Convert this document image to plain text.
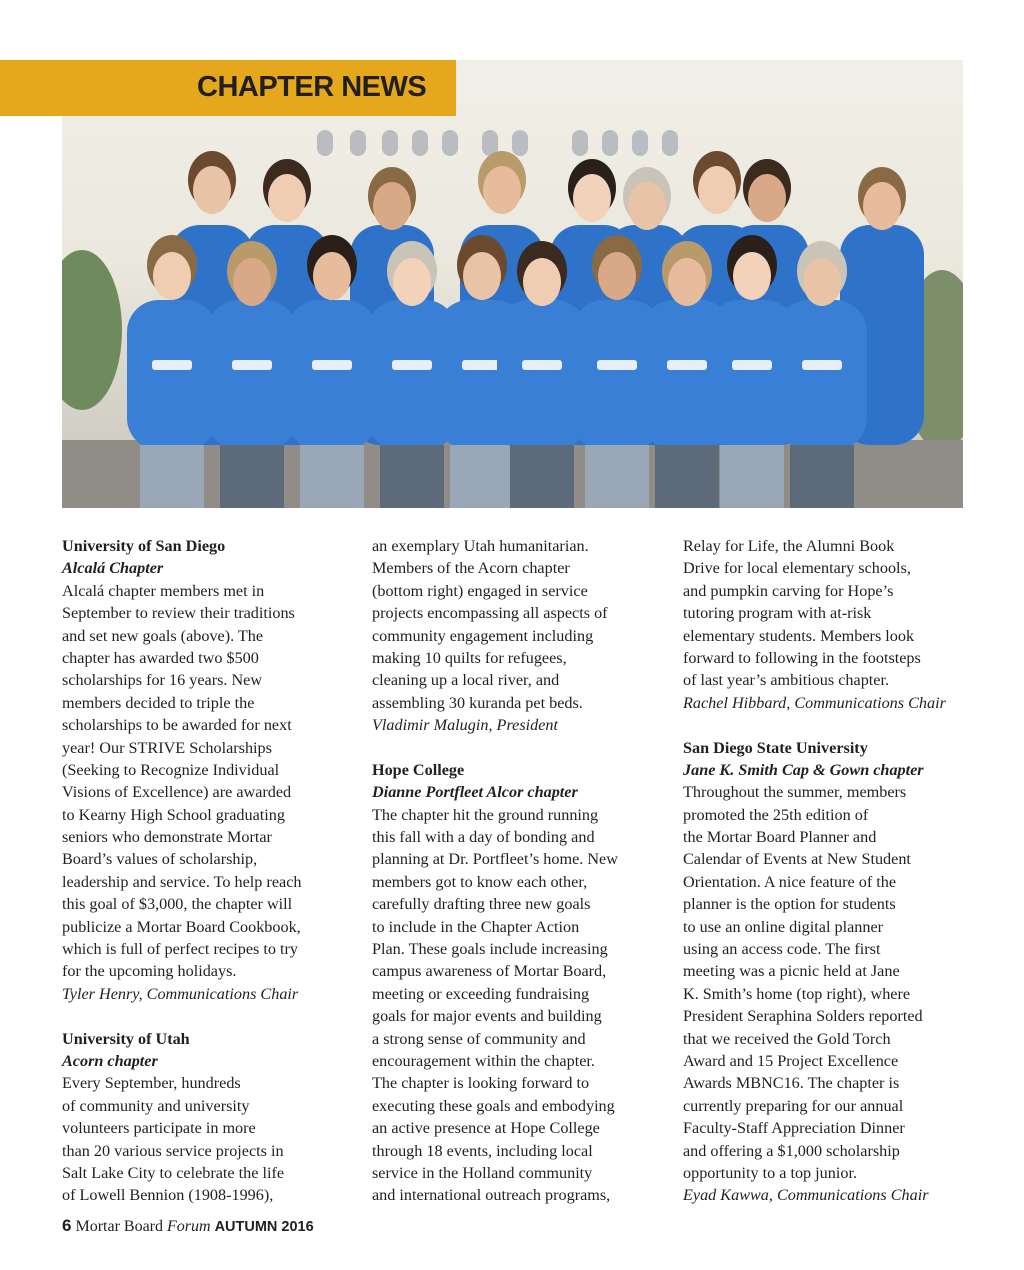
CHAPTER NEWS
University of San Diego
Alcalá Chapter
Alcalá chapter members met in
September to review their traditions
and set new goals (above). The
chapter has awarded two $500
scholarships for 16 years. New
members decided to triple the
scholarships to be awarded for next
year! Our STRIVE Scholarships
(Seeking to Recognize Individual
Visions of Excellence) are awarded
to Kearny High School graduating
seniors who demonstrate Mortar
Board’s values of scholarship,
leadership and service. To help reach
this goal of $3,000, the chapter will
publicize a Mortar Board Cookbook,
which is full of perfect recipes to try
for the upcoming holidays.
Tyler Henry, Communications Chair
University of Utah
Acorn chapter
Every September, hundreds
of community and university
volunteers participate in more
than 20 various service projects in
Salt Lake City to celebrate the life
of Lowell Bennion (1908-1996),
an exemplary Utah humanitarian.
Members of the Acorn chapter
(bottom right) engaged in service
projects encompassing all aspects of
community engagement including
making 10 quilts for refugees,
cleaning up a local river, and
assembling 30 kuranda pet beds.
Vladimir Malugin, President
Hope College
Dianne Portfleet Alcor chapter
The chapter hit the ground running
this fall with a day of bonding and
planning at Dr. Portfleet’s home. New
members got to know each other,
carefully drafting three new goals
to include in the Chapter Action
Plan. These goals include increasing
campus awareness of Mortar Board,
meeting or exceeding fundraising
goals for major events and building
a strong sense of community and
encouragement within the chapter.
The chapter is looking forward to
executing these goals and embodying
an active presence at Hope College
through 18 events, including local
service in the Holland community
and international outreach programs,
Relay for Life, the Alumni Book
Drive for local elementary schools,
and pumpkin carving for Hope’s
tutoring program with at-risk
elementary students. Members look
forward to following in the footsteps
of last year’s ambitious chapter.
Rachel Hibbard, Communications Chair
San Diego State University
Jane K. Smith Cap & Gown chapter
Throughout the summer, members
promoted the 25th edition of
the Mortar Board Planner and
Calendar of Events at New Student
Orientation. A nice feature of the
planner is the option for students
to use an online digital planner
using an access code. The first
meeting was a picnic held at Jane
K. Smith’s home (top right), where
President Seraphina Solders reported
that we received the Gold Torch
Award and 15 Project Excellence
Awards MBNC16. The chapter is
currently preparing for our annual
Faculty-Staff Appreciation Dinner
and offering a $1,000 scholarship
opportunity to a top junior.
Eyad Kawwa, Communications Chair
6 Mortar Board Forum AUTUMN 2016
